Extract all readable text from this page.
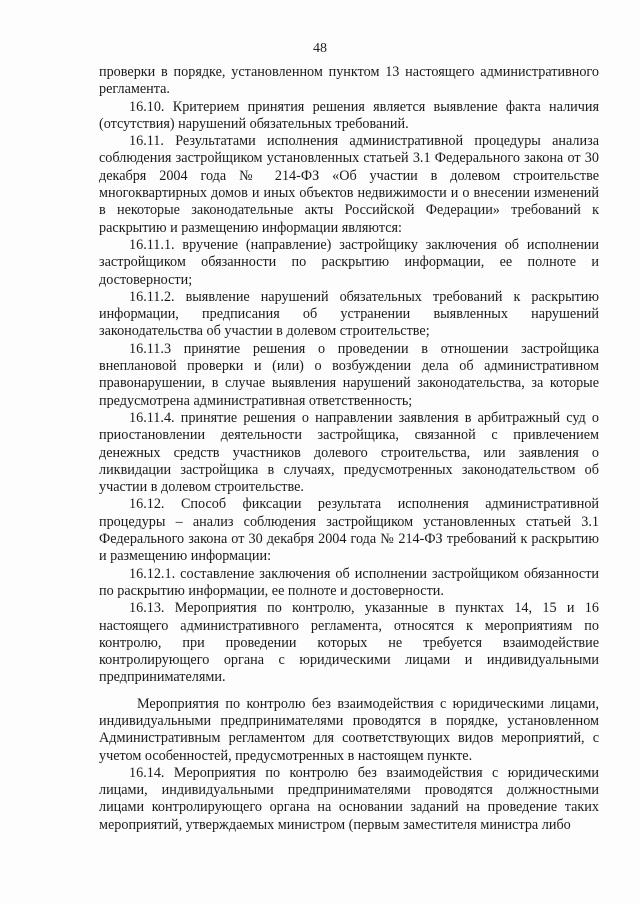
48

проверки в порядке, установленном пунктом 13 настоящего административного регламента.

16.10. Критерием принятия решения является выявление факта наличия (отсутствия) нарушений обязательных требований.

16.11. Результатами исполнения административной процедуры анализа соблюдения застройщиком установленных статьей 3.1 Федерального закона от 30 декабря 2004 года № 214-ФЗ «Об участии в долевом строительстве многоквартирных домов и иных объектов недвижимости и о внесении изменений в некоторые законодательные акты Российской Федерации» требований к раскрытию и размещению информации являются:

16.11.1. вручение (направление) застройщику заключения об исполнении застройщиком обязанности по раскрытию информации, ее полноте и достоверности;

16.11.2. выявление нарушений обязательных требований к раскрытию информации, предписания об устранении выявленных нарушений законодательства об участии в долевом строительстве;

16.11.3 принятие решения о проведении в отношении застройщика внеплановой проверки и (или) о возбуждении дела об административном правонарушении, в случае выявления нарушений законодательства, за которые предусмотрена административная ответственность;

16.11.4. принятие решения о направлении заявления в арбитражный суд о приостановлении деятельности застройщика, связанной с привлечением денежных средств участников долевого строительства, или заявления о ликвидации застройщика в случаях, предусмотренных законодательством об участии в долевом строительстве.

16.12. Способ фиксации результата исполнения административной процедуры – анализ соблюдения застройщиком установленных статьей 3.1 Федерального закона от 30 декабря 2004 года № 214-ФЗ требований к раскрытию и размещению информации:

16.12.1. составление заключения об исполнении застройщиком обязанности по раскрытию информации, ее полноте и достоверности.

16.13. Мероприятия по контролю, указанные в пунктах 14, 15 и 16 настоящего административного регламента, относятся к мероприятиям по контролю, при проведении которых не требуется взаимодействие контролирующего органа с юридическими лицами и индивидуальными предпринимателями.

Мероприятия по контролю без взаимодействия с юридическими лицами, индивидуальными предпринимателями проводятся в порядке, установленном Административным регламентом для соответствующих видов мероприятий, с учетом особенностей, предусмотренных в настоящем пункте.

16.14. Мероприятия по контролю без взаимодействия с юридическими лицами, индивидуальными предпринимателями проводятся должностными лицами контролирующего органа на основании заданий на проведение таких мероприятий, утверждаемых министром (первым заместителя министра либо
